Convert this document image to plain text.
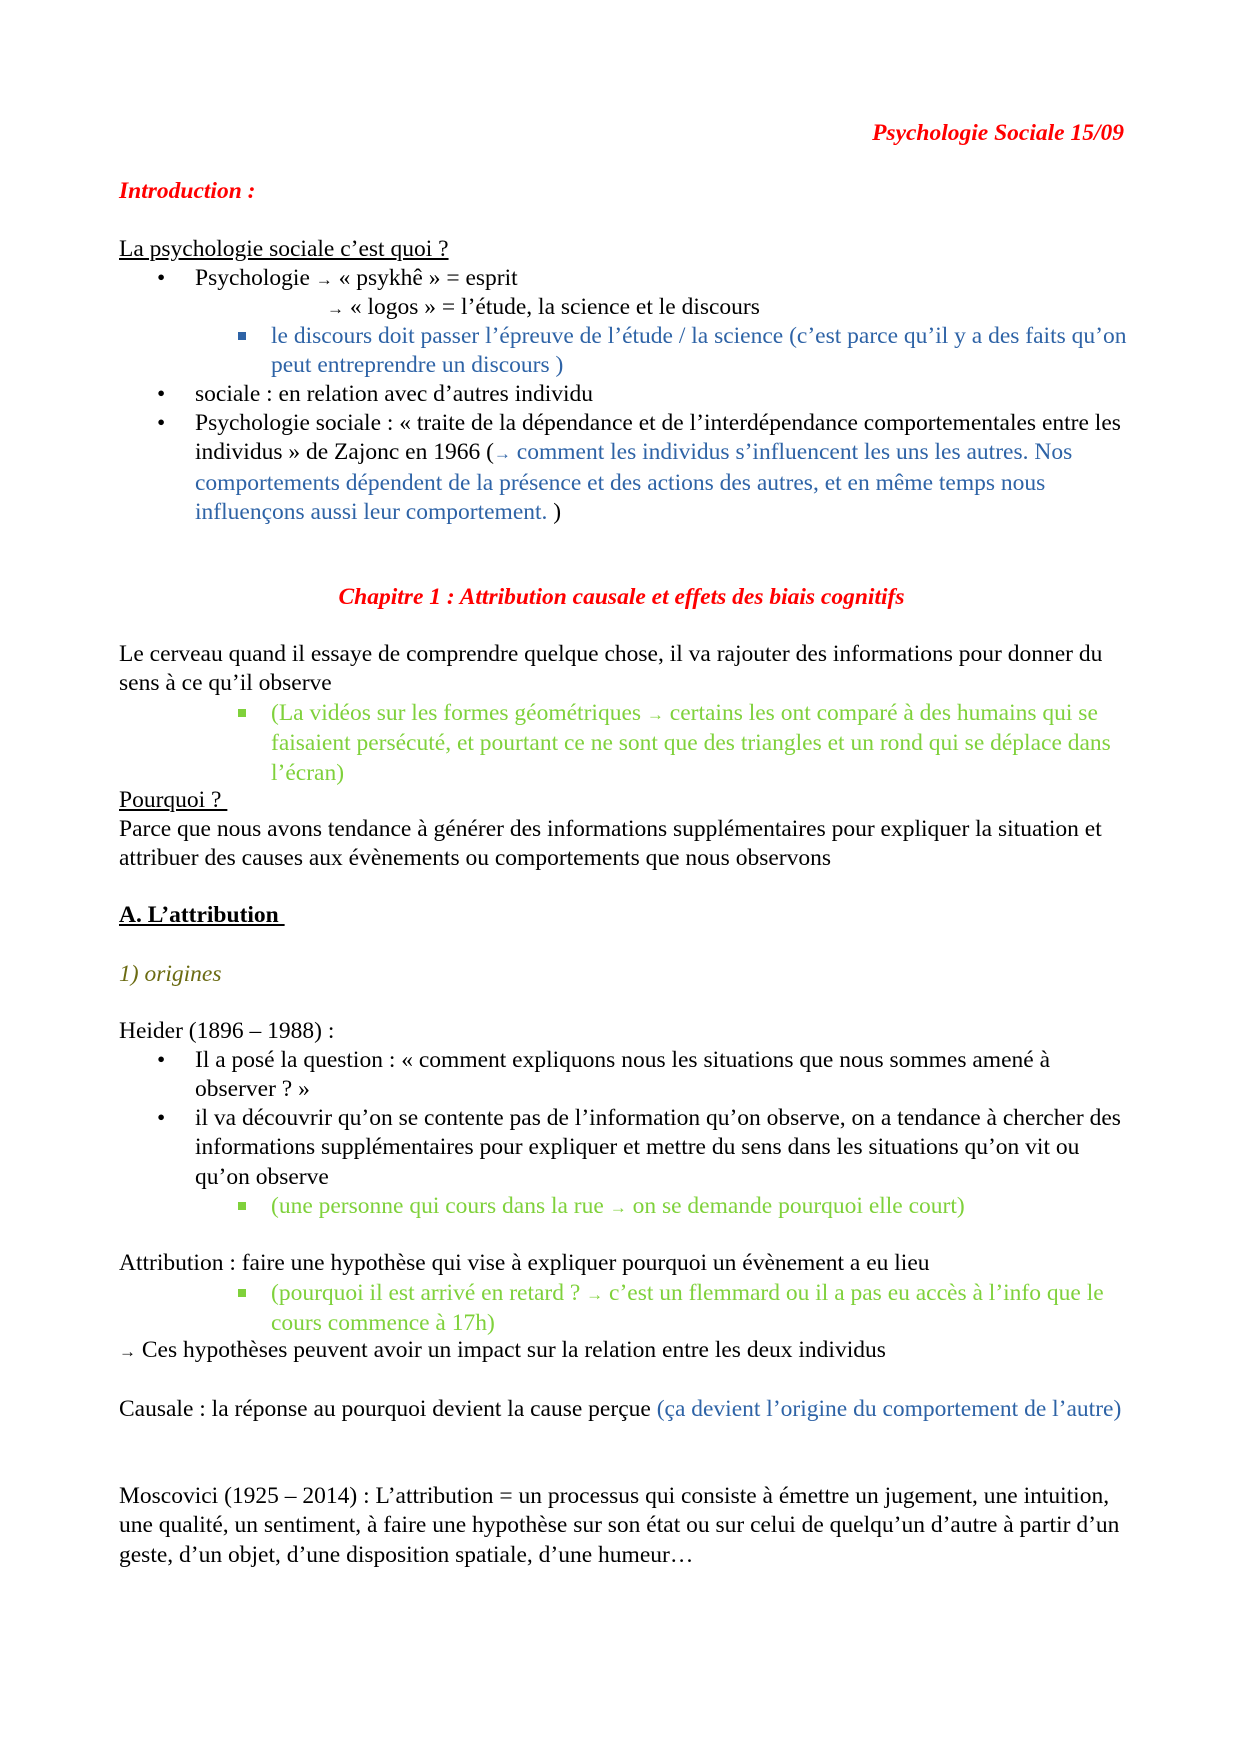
Psychologie Sociale 15/09
Introduction :
La psychologie sociale c’est quoi ?
• Psychologie → « psykhê » = esprit
→ « logos » = l’étude, la science et le discours
le discours doit passer l’épreuve de l’étude / la science (c’est parce qu’il y a des faits qu’on peut entreprendre un discours )
• sociale : en relation avec d’autres individu
• Psychologie sociale : « traite de la dépendance et de l’interdépendance comportementales entre les individus » de Zajonc en 1966 (→ comment les individus s’influencent les uns les autres. Nos comportements dépendent de la présence et des actions des autres, et en même temps nous influençons aussi leur comportement. )
Chapitre 1 : Attribution causale et effets des biais cognitifs
Le cerveau quand il essaye de comprendre quelque chose, il va rajouter des informations pour donner du sens à ce qu’il observe
(La vidéos sur les formes géométriques → certains les ont comparé à des humains qui se faisaient persécuté, et pourtant ce ne sont que des triangles et un rond qui se déplace dans l’écran)
Pourquoi ?
Parce que nous avons tendance à générer des informations supplémentaires pour expliquer la situation et attribuer des causes aux évènements ou comportements que nous observons
A. L’attribution
1) origines
Heider (1896 – 1988) :
• Il a posé la question : « comment expliquons nous les situations que nous sommes amené à observer ? »
• il va découvrir qu’on se contente pas de l’information qu’on observe, on a tendance à chercher des informations supplémentaires pour expliquer et mettre du sens dans les situations qu’on vit ou qu’on observe
(une personne qui cours dans la rue → on se demande pourquoi elle court)
Attribution : faire une hypothèse qui vise à expliquer pourquoi un évènement a eu lieu
(pourquoi il est arrivé en retard ? → c’est un flemmard ou il a pas eu accès à l’info que le cours commence à 17h)
→ Ces hypothèses peuvent avoir un impact sur la relation entre les deux individus
Causale : la réponse au pourquoi devient la cause perçue (ça devient l’origine du comportement de l’autre)
Moscovici (1925 – 2014) : L’attribution = un processus qui consiste à émettre un jugement, une intuition, une qualité, un sentiment, à faire une hypothèse sur son état ou sur celui de quelqu’un d’autre à partir d’un geste, d’un objet, d’une disposition spatiale, d’une humeur…
